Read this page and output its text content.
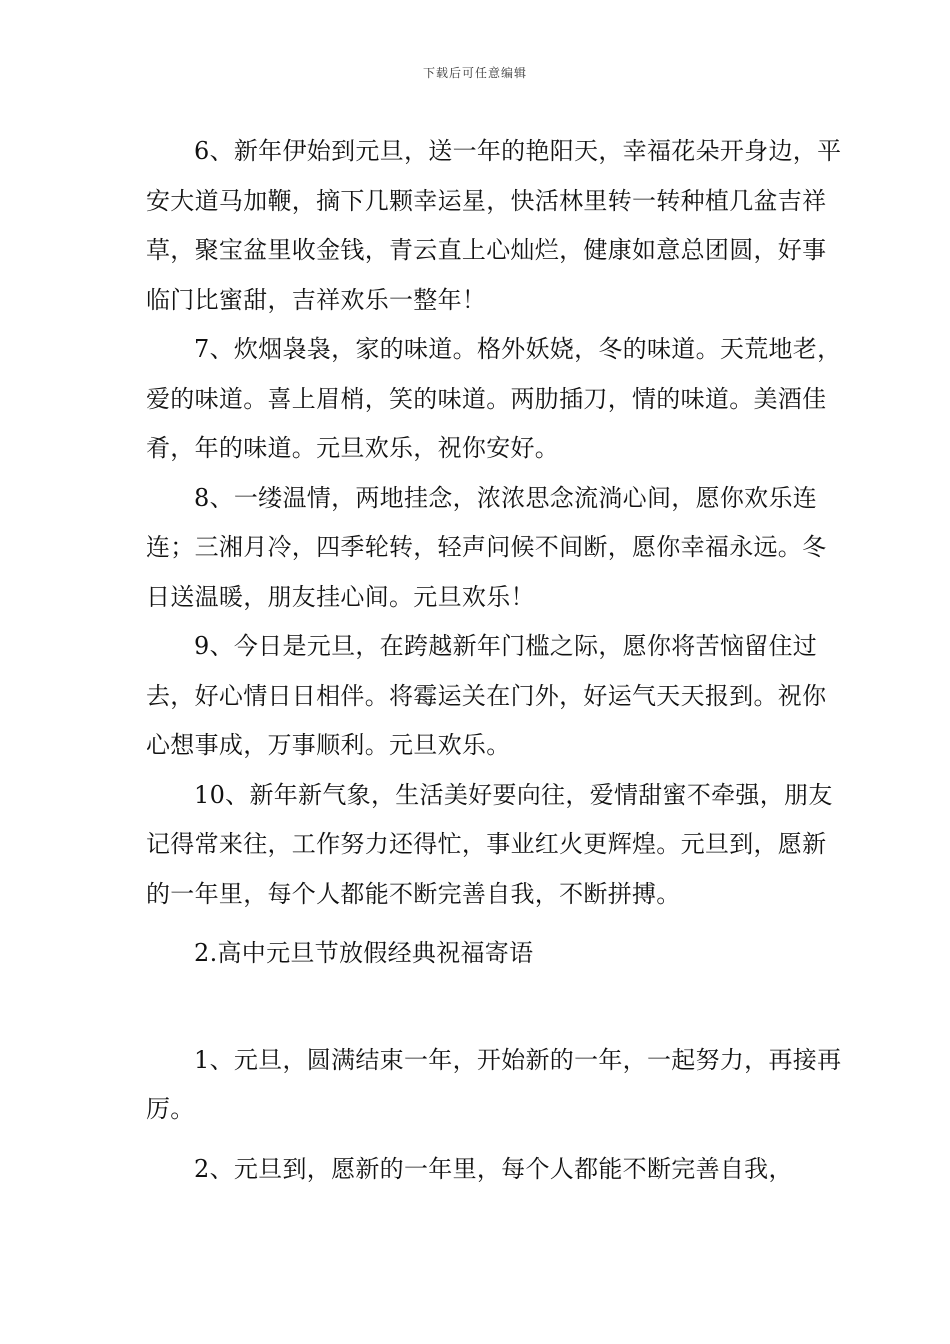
下载后可任意编辑

6、新年伊始到元旦，送一年的艳阳天，幸福花朵开身边，平安大道马加鞭，摘下几颗幸运星，快活林里转一转种植几盆吉祥草，聚宝盆里收金钱，青云直上心灿烂，健康如意总团圆，好事临门比蜜甜，吉祥欢乐一整年！

7、炊烟袅袅，家的味道。格外妖娆，冬的味道。天荒地老，爱的味道。喜上眉梢，笑的味道。两肋插刀，情的味道。美酒佳肴，年的味道。元旦欢乐，祝你安好。

8、一缕温情，两地挂念，浓浓思念流淌心间，愿你欢乐连连；三湘月冷，四季轮转，轻声问候不间断，愿你幸福永远。冬日送温暖，朋友挂心间。元旦欢乐！

9、今日是元旦，在跨越新年门槛之际，愿你将苦恼留住过去，好心情日日相伴。将霉运关在门外，好运气天天报到。祝你心想事成，万事顺利。元旦欢乐。

10、新年新气象，生活美好要向往，爱情甜蜜不牵强，朋友记得常来往，工作努力还得忙，事业红火更辉煌。元旦到，愿新的一年里，每个人都能不断完善自我，不断拼搏。

2.高中元旦节放假经典祝福寄语

1、元旦，圆满结束一年，开始新的一年，一起努力，再接再厉。

2、元旦到，愿新的一年里，每个人都能不断完善自我，
